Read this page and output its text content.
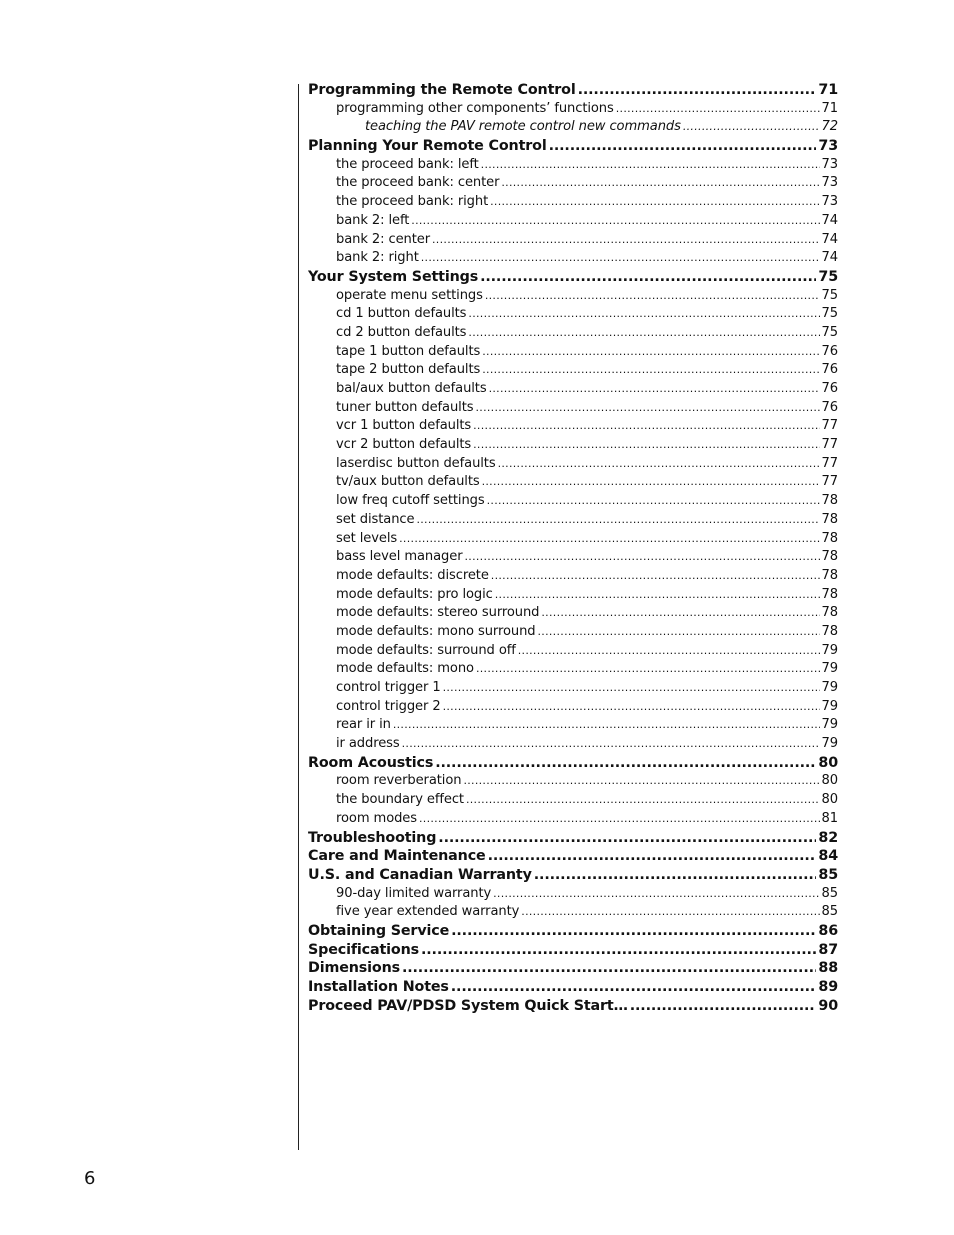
Programming the Remote Control .....	71
programming other components’ functions .....	71
teaching the PAV remote control new commands .....	72
Planning Your Remote Control .....	73
the proceed bank: left .....	73
the proceed bank: center .....	73
the proceed bank: right .....	73
bank 2: left .....	74
bank 2: center .....	74
bank 2: right .....	74
Your System Settings .....	75
operate menu settings .....	75
cd 1 button defaults .....	75
cd 2 button defaults .....	75
tape 1 button defaults .....	76
tape 2 button defaults .....	76
bal/aux button defaults .....	76
tuner button defaults .....	76
vcr 1 button defaults .....	77
vcr 2 button defaults .....	77
laserdisc button defaults .....	77
tv/aux button defaults .....	77
low freq cutoff settings .....	78
set distance .....	78
set levels .....	78
bass level manager .....	78
mode defaults: discrete .....	78
mode defaults: pro logic .....	78
mode defaults: stereo surround .....	78
mode defaults: mono surround .....	78
mode defaults: surround off .....	79
mode defaults: mono .....	79
control trigger 1 .....	79
control trigger 2 .....	79
rear ir in .....	79
ir address .....	79
Room Acoustics .....	80
room reverberation .....	80
the boundary effect .....	80
room modes .....	81
Troubleshooting .....	82
Care and Maintenance .....	84
U.S. and Canadian Warranty .....	85
90-day limited warranty .....	85
five year extended warranty .....	85
Obtaining Service .....	86
Specifications .....	87
Dimensions .....	88
Installation Notes .....	89
Proceed PAV/PDSD System Quick Start… .....	90
6
